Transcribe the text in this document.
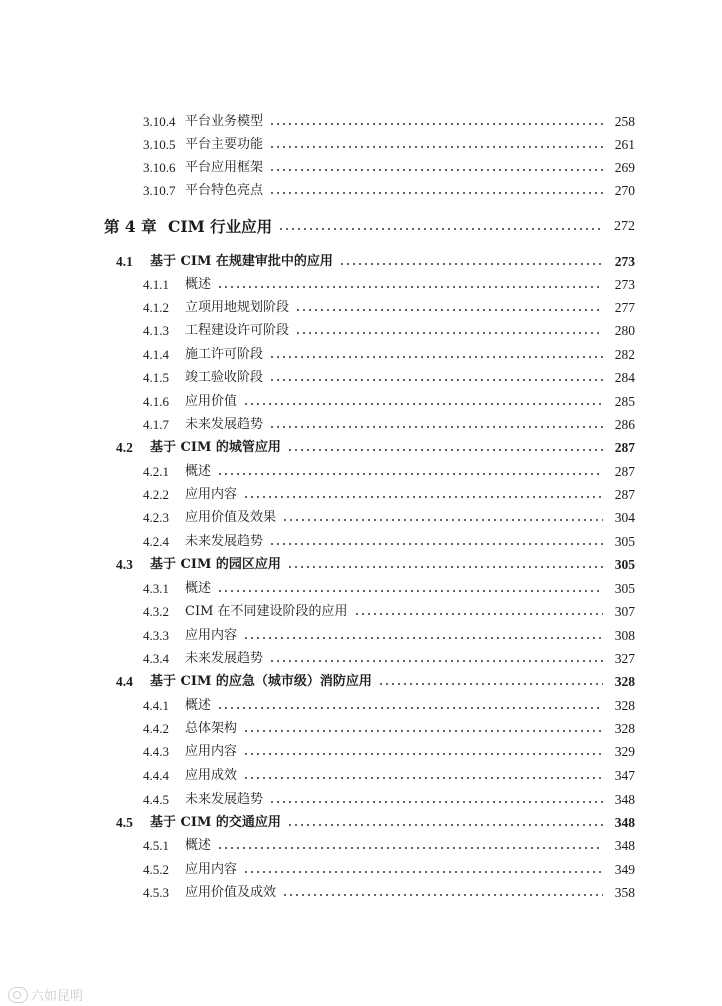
3.10.4 平台业务模型	258
3.10.5 平台主要功能	261
3.10.6 平台应用框架	269
3.10.7 平台特色亮点	270
第 4 章 CIM 行业应用	272
4.1	基于 CIM 在规建审批中的应用	273
4.1.1	概述	273
4.1.2	立项用地规划阶段	277
4.1.3	工程建设许可阶段	280
4.1.4	施工许可阶段	282
4.1.5	竣工验收阶段	284
4.1.6	应用价值	285
4.1.7	未来发展趋势	286
4.2	基于 CIM 的城管应用	287
4.2.1	概述	287
4.2.2	应用内容	287
4.2.3	应用价值及效果	304
4.2.4	未来发展趋势	305
4.3	基于 CIM 的园区应用	305
4.3.1	概述	305
4.3.2	CIM 在不同建设阶段的应用	307
4.3.3	应用内容	308
4.3.4	未来发展趋势	327
4.4	基于 CIM 的应急（城市级）消防应用	328
4.4.1	概述	328
4.4.2	总体架构	328
4.4.3	应用内容	329
4.4.4	应用成效	347
4.4.5	未来发展趋势	348
4.5	基于 CIM 的交通应用	348
4.5.1	概述	348
4.5.2	应用内容	349
4.5.3	应用价值及成效	358
六如昆明
